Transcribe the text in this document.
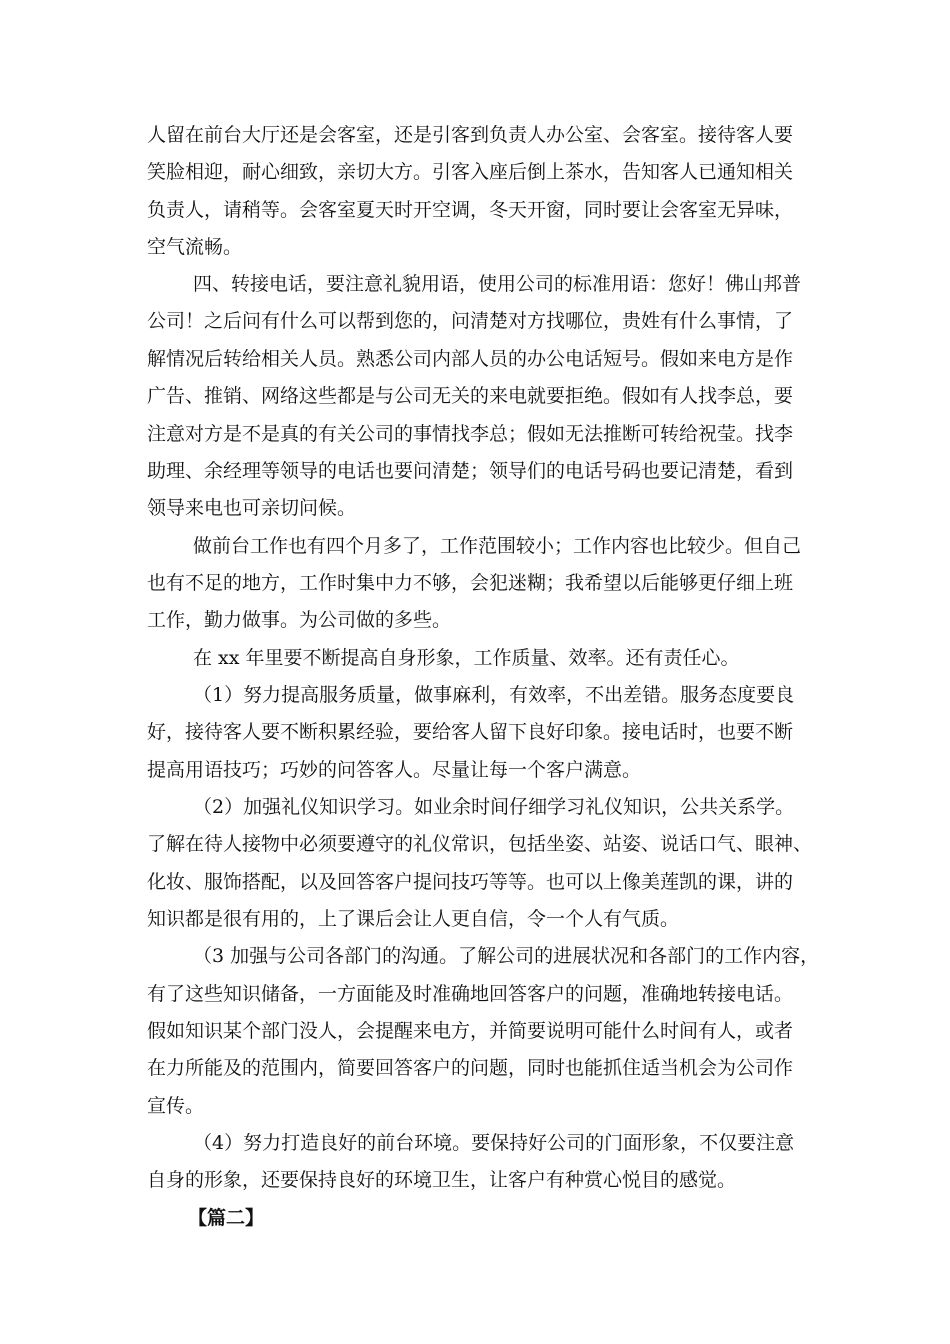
人留在前台大厅还是会客室，还是引客到负责人办公室、会客室。接待客人要
笑脸相迎，耐心细致，亲切大方。引客入座后倒上茶水，告知客人已通知相关
负责人，请稍等。会客室夏天时开空调，冬天开窗，同时要让会客室无异味，
空气流畅。
四、转接电话，要注意礼貌用语，使用公司的标准用语：您好！佛山邦普
公司！之后问有什么可以帮到您的，问清楚对方找哪位，贵姓有什么事情，了
解情况后转给相关人员。熟悉公司内部人员的办公电话短号。假如来电方是作
广告、推销、网络这些都是与公司无关的来电就要拒绝。假如有人找李总，要
注意对方是不是真的有关公司的事情找李总；假如无法推断可转给祝莹。找李
助理、余经理等领导的电话也要问清楚；领导们的电话号码也要记清楚，看到
领导来电也可亲切问候。
做前台工作也有四个月多了，工作范围较小；工作内容也比较少。但自己
也有不足的地方，工作时集中力不够，会犯迷糊；我希望以后能够更仔细上班
工作，勤力做事。为公司做的多些。
在 xx 年里要不断提高自身形象，工作质量、效率。还有责任心。
（1）努力提高服务质量，做事麻利，有效率，不出差错。服务态度要良
好，接待客人要不断积累经验，要给客人留下良好印象。接电话时，也要不断
提高用语技巧；巧妙的问答客人。尽量让每一个客户满意。
（2）加强礼仪知识学习。如业余时间仔细学习礼仪知识，公共关系学。
了解在待人接物中必须要遵守的礼仪常识，包括坐姿、站姿、说话口气、眼神、
化妆、服饰搭配，以及回答客户提问技巧等等。也可以上像美莲凯的课，讲的
知识都是很有用的，上了课后会让人更自信，令一个人有气质。
（3 加强与公司各部门的沟通。了解公司的进展状况和各部门的工作内容，
有了这些知识储备，一方面能及时准确地回答客户的问题，准确地转接电话。
假如知识某个部门没人，会提醒来电方，并简要说明可能什么时间有人，或者
在力所能及的范围内，简要回答客户的问题，同时也能抓住适当机会为公司作
宣传。
（4）努力打造良好的前台环境。要保持好公司的门面形象，不仅要注意
自身的形象，还要保持良好的环境卫生，让客户有种赏心悦目的感觉。
【篇二】
